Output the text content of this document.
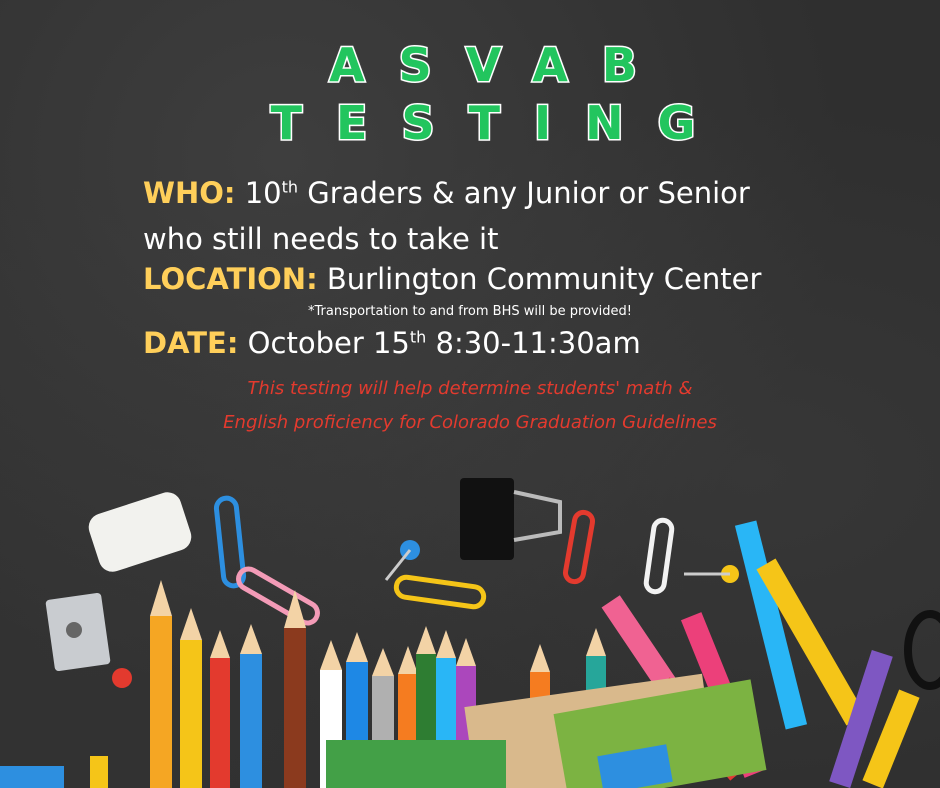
ASVAB
TESTING
WHO: 10th Graders & any Junior or Senior
who still needs to take it
LOCATION: Burlington Community Center
*Transportation to and from BHS will be provided!
DATE: October 15th 8:30-11:30am
This testing will help determine students' math &
English proficiency for Colorado Graduation Guidelines
